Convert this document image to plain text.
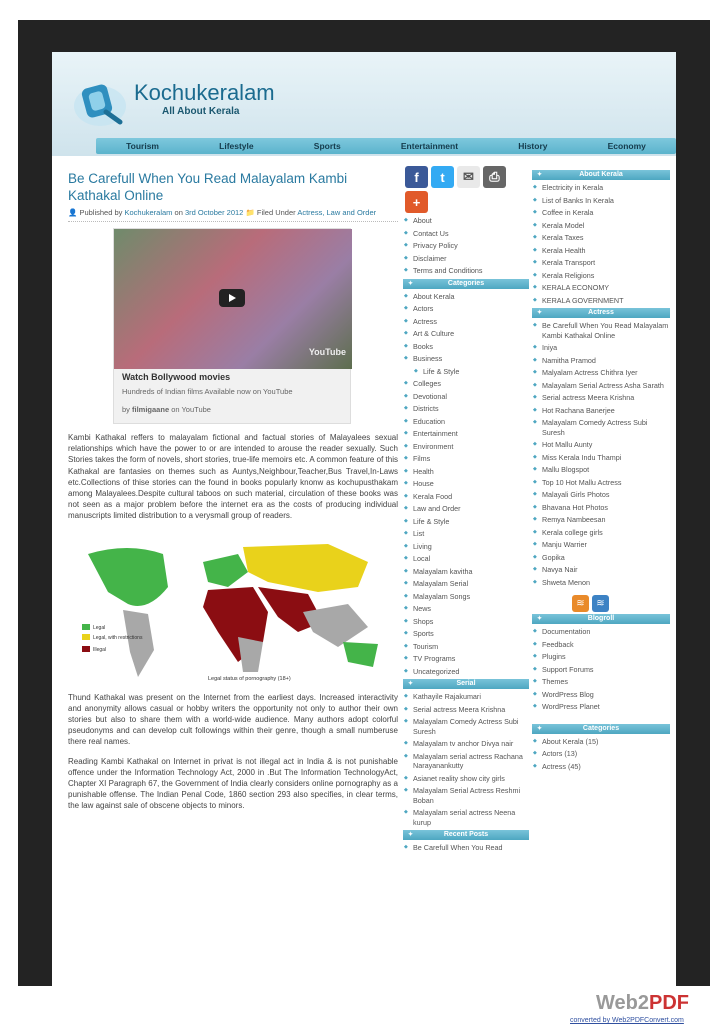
Kochukeralam
All About Kerala
Tourism	Lifestyle	Sports	Entertainment	History	Economy
Be Carefull When You Read Malayalam Kambi Kathakal Online
👤 Published by Kochukeralam on 3rd October 2012 📁 Filed Under Actress, Law and Order
YouTube
Watch Bollywood movies
Hundreds of Indian films Available now on YouTube
by filmigaane on YouTube
Kambi Kathakal reffers to malayalam fictional and factual stories of Malayalees sexual relationships which have the power to or are intended to arouse the reader sexually. Such Stories takes the form of novels, short stories, true-life memoirs etc. A common feature of this Kathakal are fantasies on themes such as Auntys,Neighbour,Teacher,Bus Travel,In-Laws etc.Collections of thise stories can the found in books popularly knonw as kochupusthakam among Malayalees.Despite cultural taboos on such material, circulation of these books was not seen as a major problem before the internet era as the costs of producing individual manuscripts limited distribution to a verysmall group of readers.
Legal
Legal, with restrictions
Illegal
Legal status of pornography (18+)
Thund Kathakal was present on the Internet from the earliest days. Increased interactivity and anonymity allows casual or hobby writers the opportunity not only to author their own stories but also to share them with a world-wide audience. Many authors adopt colorful pseudonyms and can develop cult followings within their genre, though a small numberuse there real names.
Reading Kambi Kathakal on Internet in privat is not illegal act in India & is not punishable offence under the Information Technology Act, 2000 in .But The Information TechnologyAct, Chapter XI Paragraph 67, the Government of India clearly considers online pornography as a punishable offense. The Indian Penal Code, 1860 section 293 also specifies, in clear terms, the law against sale of obscene objects to minors.
f	t	✉	⎙
+
◆ About
◆ Contact Us
◆ Privacy Policy
◆ Disclaimer
◆ Terms and Conditions
✦ Categories
◆ About Kerala
◆ Actors
◆ Actress
◆ Art & Culture
◆ Books
◆ Business
◆ Life & Style
◆ Colleges
◆ Devotional
◆ Districts
◆ Education
◆ Entertainment
◆ Environment
◆ Films
◆ Health
◆ House
◆ Kerala Food
◆ Law and Order
◆ Life & Style
◆ List
◆ Living
◆ Local
◆ Malayalam kavitha
◆ Malayalam Serial
◆ Malayalam Songs
◆ News
◆ Shops
◆ Sports
◆ Tourism
◆ TV Programs
◆ Uncategorized
✦ Serial
◆ Kathayile Rajakumari
◆ Serial actress Meera Krishna
◆ Malayalam Comedy Actress Subi Suresh
◆ Malayalam tv anchor Divya nair
◆ Malayalam serial actress Rachana Narayanankutty
◆ Asianet reality show city girls
◆ Malayalam Serial Actress Reshmi Boban
◆ Malayalam serial actress Neena kurup
✦ Recent Posts
◆ Be Carefull When You Read
✦ About Kerala
◆ Electricity in Kerala
◆ List of Banks In Kerala
◆ Coffee in Kerala
◆ Kerala Model
◆ Kerala Taxes
◆ Kerala Health
◆ Kerala Transport
◆ Kerala Religions
◆ KERALA ECONOMY
◆ KERALA GOVERNMENT
✦ Actress
◆ Be Carefull When You Read Malayalam Kambi Kathakal Online
◆ Iniya
◆ Namitha Pramod
◆ Malyalam Actress Chithra Iyer
◆ Malayalam Serial Actress Asha Sarath
◆ Serial actress Meera Krishna
◆ Hot Rachana Banerjee
◆ Malayalam Comedy Actress Subi Suresh
◆ Hot Mallu Aunty
◆ Miss Kerala Indu Thampi
◆ Mallu Blogspot
◆ Top 10 Hot Mallu Actress
◆ Malayali Girls Photos
◆ Bhavana Hot Photos
◆ Remya Nambeesan
◆ Kerala college girls
◆ Manju Warrier
◆ Gopika
◆ Navya Nair
◆ Shweta Menon
≋	≋
✦ Blogroll
◆ Documentation
◆ Feedback
◆ Plugins
◆ Support Forums
◆ Themes
◆ WordPress Blog
◆ WordPress Planet
✦ Categories
◆ About Kerala (15)
◆ Actors (13)
◆ Actress (45)
Web2PDF
converted by Web2PDFConvert.com
